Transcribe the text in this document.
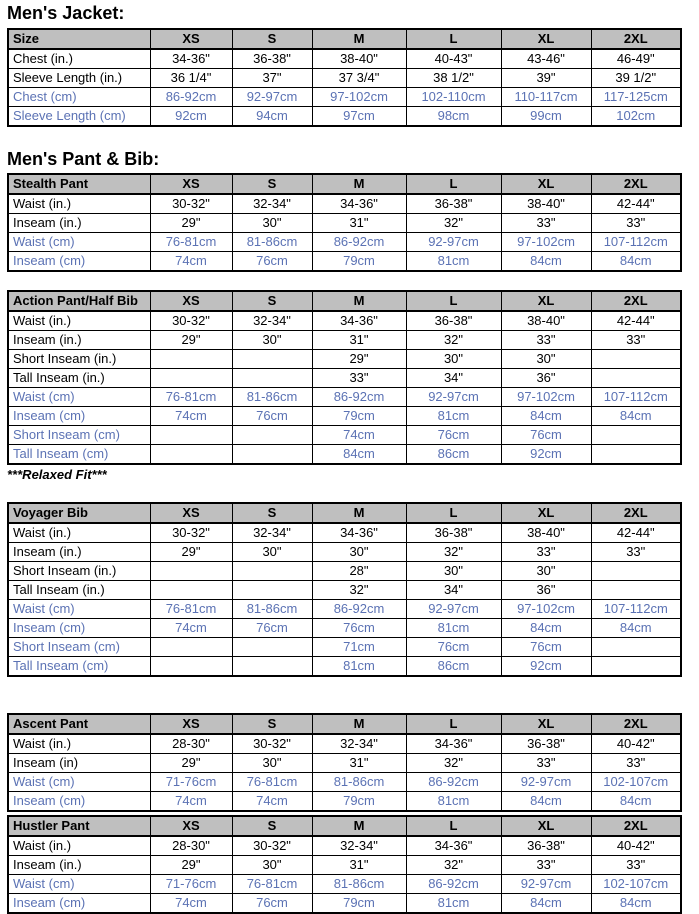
Men's Jacket:
Size	XS	S	M	L	XL	2XL
Chest (in.)	34-36"	36-38"	38-40"	40-43"	43-46"	46-49"
Sleeve Length (in.)	36 1/4"	37"	37 3/4"	38 1/2"	39"	39 1/2"
Chest (cm)	86-92cm	92-97cm	97-102cm	102-110cm	110-117cm	117-125cm
Sleeve Length (cm)	92cm	94cm	97cm	98cm	99cm	102cm
Men's Pant & Bib:
Stealth Pant	XS	S	M	L	XL	2XL
Waist (in.)	30-32"	32-34"	34-36"	36-38"	38-40"	42-44"
Inseam (in.)	29"	30"	31"	32"	33"	33"
Waist (cm)	76-81cm	81-86cm	86-92cm	92-97cm	97-102cm	107-112cm
Inseam (cm)	74cm	76cm	79cm	81cm	84cm	84cm
Action Pant/Half Bib	XS	S	M	L	XL	2XL
Waist (in.)	30-32"	32-34"	34-36"	36-38"	38-40"	42-44"
Inseam (in.)	29"	30"	31"	32"	33"	33"
Short Inseam (in.)			29"	30"	30"	
Tall Inseam (in.)			33"	34"	36"	
Waist (cm)	76-81cm	81-86cm	86-92cm	92-97cm	97-102cm	107-112cm
Inseam (cm)	74cm	76cm	79cm	81cm	84cm	84cm
Short Inseam (cm)			74cm	76cm	76cm	
Tall Inseam (cm)			84cm	86cm	92cm	

***Relaxed Fit***

Voyager Bib	XS	S	M	L	XL	2XL
Waist (in.)	30-32"	32-34"	34-36"	36-38"	38-40"	42-44"
Inseam (in.)	29"	30"	30"	32"	33"	33"
Short Inseam (in.)			28"	30"	30"	
Tall Inseam (in.)			32"	34"	36"	
Waist (cm)	76-81cm	81-86cm	86-92cm	92-97cm	97-102cm	107-112cm
Inseam (cm)	74cm	76cm	76cm	81cm	84cm	84cm
Short Inseam (cm)			71cm	76cm	76cm	
Tall Inseam (cm)			81cm	86cm	92cm	
Ascent Pant	XS	S	M	L	XL	2XL
Waist (in.)	28-30"	30-32"	32-34"	34-36"	36-38"	40-42"
Inseam (in)	29"	30"	31"	32"	33"	33"
Waist (cm)	71-76cm	76-81cm	81-86cm	86-92cm	92-97cm	102-107cm
Inseam (cm)	74cm	74cm	79cm	81cm	84cm	84cm
Hustler Pant	XS	S	M	L	XL	2XL
Waist (in.)	28-30"	30-32"	32-34"	34-36"	36-38"	40-42"
Inseam (in.)	29"	30"	31"	32"	33"	33"
Waist (cm)	71-76cm	76-81cm	81-86cm	86-92cm	92-97cm	102-107cm
Inseam (cm)	74cm	76cm	79cm	81cm	84cm	84cm
